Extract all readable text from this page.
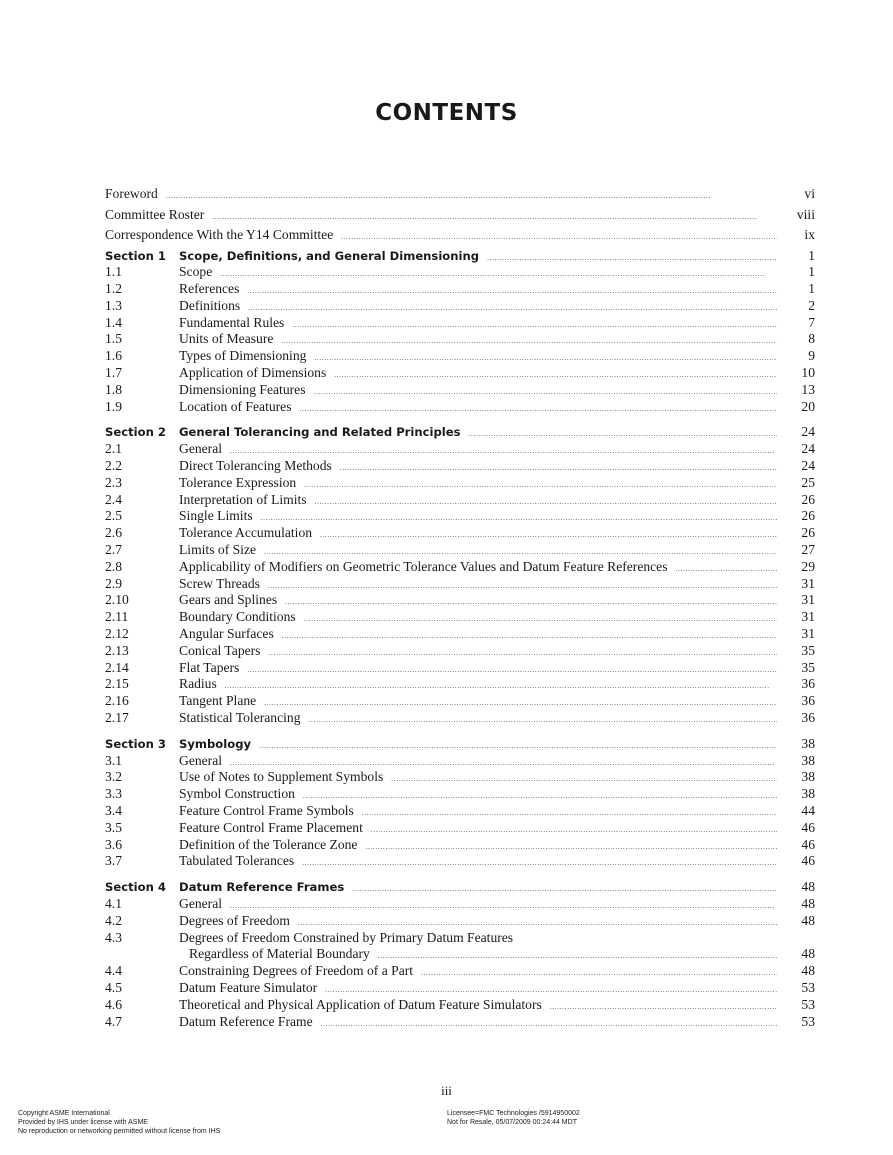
CONTENTS
Foreword . . .	vi
Committee Roster . . .	viii
Correspondence With the Y14 Committee . . .	ix
Section 1 Scope, Definitions, and General Dimensioning . . .	1
1.1	Scope . . .	1
1.2	References . . .	1
1.3	Definitions . . .	2
1.4	Fundamental Rules . . .	7
1.5	Units of Measure . . .	8
1.6	Types of Dimensioning . . .	9
1.7	Application of Dimensions . . .	10
1.8	Dimensioning Features . . .	13
1.9	Location of Features . . .	20
Section 2 General Tolerancing and Related Principles . . .	24
2.1	General . . .	24
2.2	Direct Tolerancing Methods . . .	24
2.3	Tolerance Expression . . .	25
2.4	Interpretation of Limits . . .	26
2.5	Single Limits . . .	26
2.6	Tolerance Accumulation . . .	26
2.7	Limits of Size . . .	27
2.8	Applicability of Modifiers on Geometric Tolerance Values and Datum Feature References . . .	29
2.9	Screw Threads . . .	31
2.10	Gears and Splines . . .	31
2.11	Boundary Conditions . . .	31
2.12	Angular Surfaces . . .	31
2.13	Conical Tapers . . .	35
2.14	Flat Tapers . . .	35
2.15	Radius . . .	36
2.16	Tangent Plane . . .	36
2.17	Statistical Tolerancing . . .	36
Section 3 Symbology . . .	38
3.1	General . . .	38
3.2	Use of Notes to Supplement Symbols . . .	38
3.3	Symbol Construction . . .	38
3.4	Feature Control Frame Symbols . . .	44
3.5	Feature Control Frame Placement . . .	46
3.6	Definition of the Tolerance Zone . . .	46
3.7	Tabulated Tolerances . . .	46
Section 4 Datum Reference Frames . . .	48
4.1	General . . .	48
4.2	Degrees of Freedom . . .	48
4.3	Degrees of Freedom Constrained by Primary Datum Features
Regardless of Material Boundary . . .	48
4.4	Constraining Degrees of Freedom of a Part . . .	48
4.5	Datum Feature Simulator . . .	53
4.6	Theoretical and Physical Application of Datum Feature Simulators . . .	53
4.7	Datum Reference Frame . . .	53
iii
Copyright ASME International
Provided by IHS under license with ASME
No reproduction or networking permitted without license from IHS
Licensee=FMC Technologies /5914950002
Not for Resale, 05/07/2009 00:24:44 MDT
